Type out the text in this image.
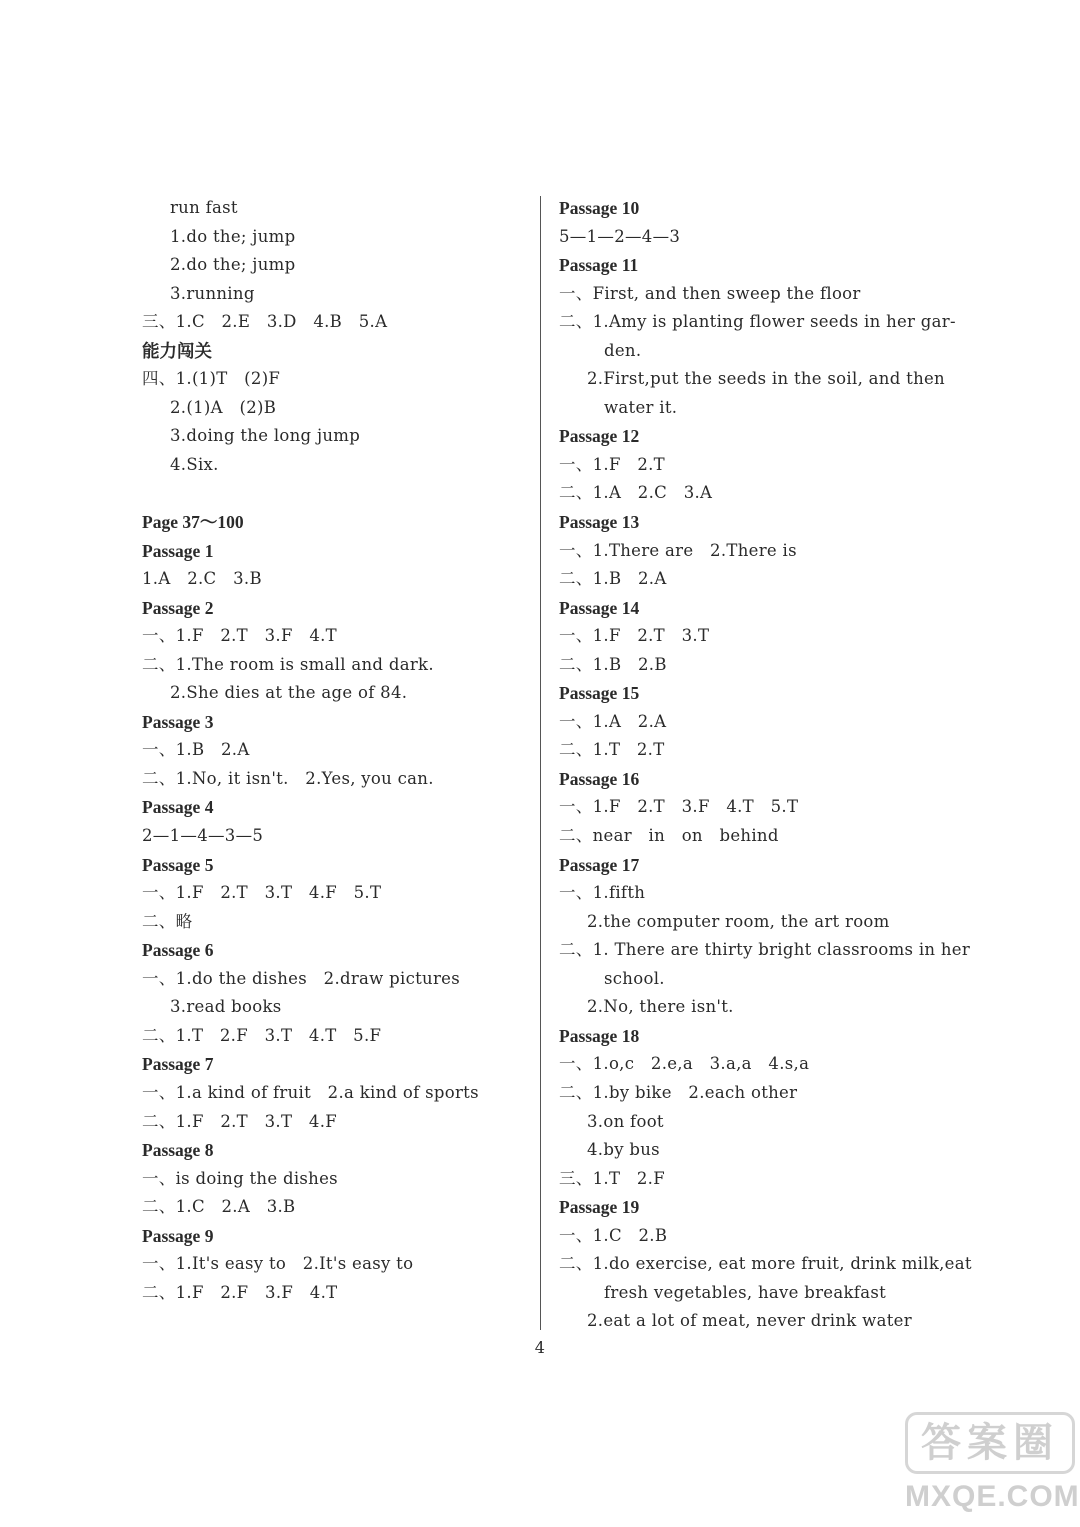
run fast
1.do the; jump
2.do the; jump
3.running
三、1.C   2.E   3.D   4.B   5.A
能力闯关
四、1.(1)T   (2)F
2.(1)A   (2)B
3.doing the long jump
4.Six.
Page 37～100
Passage 1
1.A   2.C   3.B
Passage 2
一、1.F   2.T   3.F   4.T
二、1.The room is small and dark.
2.She dies at the age of 84.
Passage 3
一、1.B   2.A
二、1.No, it isn't.   2.Yes, you can.
Passage 4
2—1—4—3—5
Passage 5
一、1.F   2.T   3.T   4.F   5.T
二、略
Passage 6
一、1.do the dishes   2.draw pictures
3.read books
二、1.T   2.F   3.T   4.T   5.F
Passage 7
一、1.a kind of fruit   2.a kind of sports
二、1.F   2.T   3.T   4.F
Passage 8
一、is doing the dishes
二、1.C   2.A   3.B
Passage 9
一、1.It's easy to   2.It's easy to
二、1.F   2.F   3.F   4.T
Passage 10
5—1—2—4—3
Passage 11
一、First, and then sweep the floor
二、1.Amy is planting flower seeds in her gar-
den.
2.First,put the seeds in the soil, and then
water it.
Passage 12
一、1.F   2.T
二、1.A   2.C   3.A
Passage 13
一、1.There are   2.There is
二、1.B   2.A
Passage 14
一、1.F   2.T   3.T
二、1.B   2.B
Passage 15
一、1.A   2.A
二、1.T   2.T
Passage 16
一、1.F   2.T   3.F   4.T   5.T
二、near   in   on   behind
Passage 17
一、1.fifth
2.the computer room, the art room
二、1. There are thirty bright classrooms in her
school.
2.No, there isn't.
Passage 18
一、1.o,c   2.e,a   3.a,a   4.s,a
二、1.by bike   2.each other
3.on foot
4.by bus
三、1.T   2.F
Passage 19
一、1.C   2.B
二、1.do exercise, eat more fruit, drink milk,eat
fresh vegetables, have breakfast
2.eat a lot of meat, never drink water
4
答案圈
MXQE.COM
